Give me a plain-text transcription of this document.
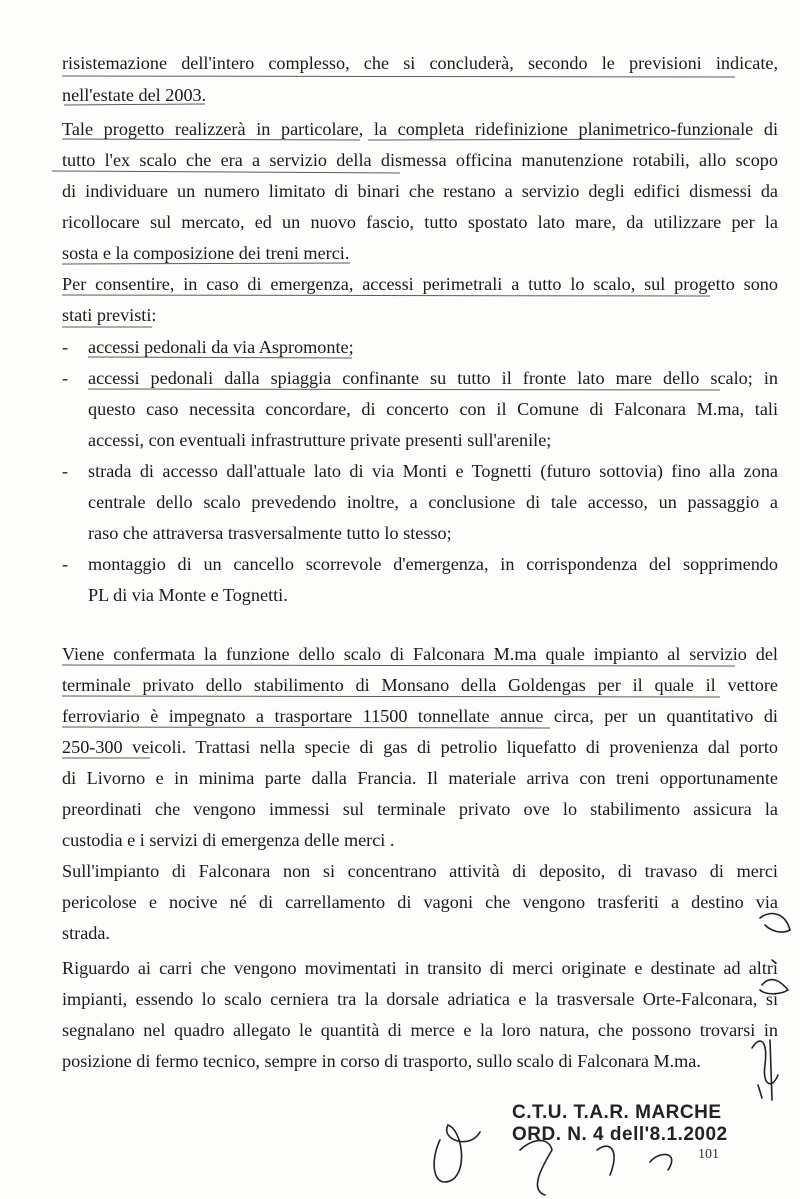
risistemazione dell'intero complesso, che si concluderà, secondo le previsioni indicate,
nell'estate del 2003.
Tale progetto realizzerà in particolare, la completa ridefinizione planimetrico-funzionale di
tutto l'ex scalo che era a servizio della dismessa officina manutenzione rotabili, allo scopo
di individuare un numero limitato di binari che restano a servizio degli edifici dismessi da
ricollocare sul mercato, ed un nuovo fascio, tutto spostato lato mare, da utilizzare per la
sosta e la composizione dei treni merci.
Per consentire, in caso di emergenza, accessi perimetrali a tutto lo scalo, sul progetto sono
stati previsti:
- accessi pedonali da via Aspromonte;
- accessi pedonali dalla spiaggia confinante su tutto il fronte lato mare dello scalo; in
questo caso necessita concordare, di concerto con il Comune di Falconara M.ma, tali
accessi, con eventuali infrastrutture private presenti sull'arenile;
- strada di accesso dall'attuale lato di via Monti e Tognetti (futuro sottovia) fino alla zona
centrale dello scalo prevedendo inoltre, a conclusione di tale accesso, un passaggio a
raso che attraversa trasversalmente tutto lo stesso;
- montaggio di un cancello scorrevole d'emergenza, in corrispondenza del sopprimendo
PL di via Monte e Tognetti.
Viene confermata la funzione dello scalo di Falconara M.ma quale impianto al servizio del
terminale privato dello stabilimento di Monsano della Goldengas per il quale il vettore
ferroviario è impegnato a trasportare 11500 tonnellate annue circa, per un quantitativo di
250-300 veicoli. Trattasi nella specie di gas di petrolio liquefatto di provenienza dal porto
di Livorno e in minima parte dalla Francia. Il materiale arriva con treni opportunamente
preordinati che vengono immessi sul terminale privato ove lo stabilimento assicura la
custodia e i servizi di emergenza delle merci .
Sull'impianto di Falconara non si concentrano attività di deposito, di travaso di merci
pericolose e nocive né di carrellamento di vagoni che vengono trasferiti a destino via
strada.
Riguardo ai carri che vengono movimentati in transito di merci originate e destinate ad altri
impianti, essendo lo scalo cerniera tra la dorsale adriatica e la trasversale Orte-Falconara, si
segnalano nel quadro allegato le quantità di merce e la loro natura, che possono trovarsi in
posizione di fermo tecnico, sempre in corso di trasporto, sullo scalo di Falconara M.ma.
C.T.U. T.A.R. MARCHE
ORD. N. 4 dell'8.1.2002
101
